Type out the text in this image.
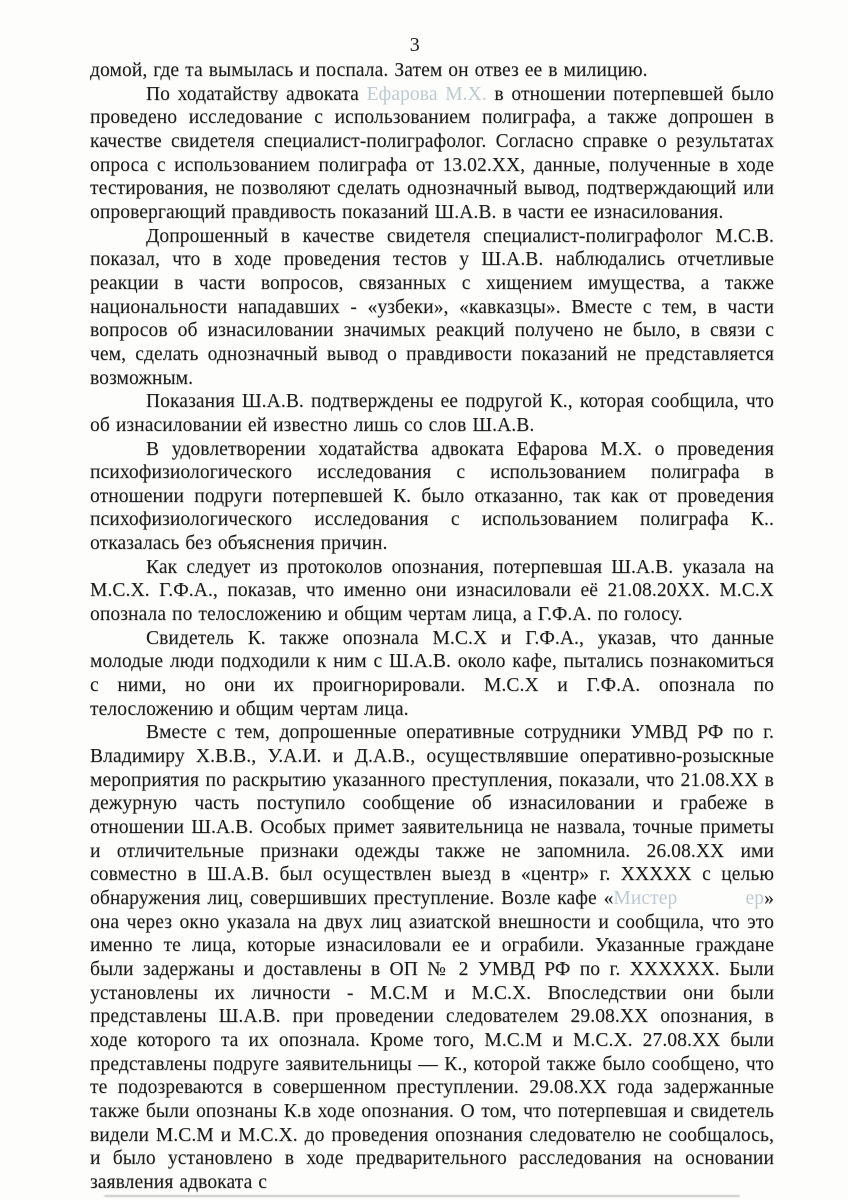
3

домой, где та вымылась и поспала. Затем он отвез ее в милицию.

По ходатайству адвоката Ефарова М.Х. в отношении потерпевшей было проведено исследование с использованием полиграфа, а также допрошен в качестве свидетеля специалист-полиграфолог. Согласно справке о результатах опроса с использованием полиграфа от 13.02.ХХ, данные, полученные в ходе тестирования, не позволяют сделать однозначный вывод, подтверждающий или опровергающий правдивость показаний Ш.А.В. в части ее изнасилования.

Допрошенный в качестве свидетеля специалист-полиграфолог М.С.В. показал, что в ходе проведения тестов у Ш.А.В. наблюдались отчетливые реакции в части вопросов, связанных с хищением имущества, а также национальности нападавших - «узбеки», «кавказцы». Вместе с тем, в части вопросов об изнасиловании значимых реакций получено не было, в связи с чем, сделать однозначный вывод о правдивости показаний не представляется возможным.

Показания Ш.А.В. подтверждены ее подругой К., которая сообщила, что об изнасиловании ей известно лишь со слов Ш.А.В.

В удовлетворении ходатайства адвоката Ефарова М.Х. о проведения психофизиологического исследования с использованием полиграфа в отношении подруги потерпевшей К. было отказанно, так как от проведения психофизиологического исследования с использованием полиграфа К.. отказалась без объяснения причин.

Как следует из протоколов опознания, потерпевшая Ш.А.В. указала на М.С.Х. Г.Ф.А., показав, что именно они изнасиловали её 21.08.20ХХ. М.С.Х опознала по телосложению и общим чертам лица, а Г.Ф.А. по голосу.

Свидетель К. также опознала М.С.Х и Г.Ф.А., указав, что данные молодые люди подходили к ним с Ш.А.В. около кафе, пытались познакомиться с ними, но они их проигнорировали. М.С.Х и Г.Ф.А. опознала по телосложению и общим чертам лица.

Вместе с тем, допрошенные оперативные сотрудники УМВД РФ по г. Владимиру Х.В.В., У.А.И. и Д.А.В., осуществлявшие оперативно-розыскные мероприятия по раскрытию указанного преступления, показали, что 21.08.ХХ в дежурную часть поступило сообщение об изнасиловании и грабеже в отношении Ш.А.В. Особых примет заявительница не назвала, точные приметы и отличительные признаки одежды также не запомнила. 26.08.ХХ ими совместно в Ш.А.В. был осуществлен выезд в «центр» г. ХХХХХ с целью обнаружения лиц, совершивших преступление. Возле кафе «Мистер	ер» она через окно указала на двух лиц азиатской внешности и сообщила, что это именно те лица, которые изнасиловали ее и ограбили. Указанные граждане были задержаны и доставлены в ОП № 2 УМВД РФ по г. ХХХХХХ. Были установлены их личности - М.С.М и М.С.Х. Впоследствии они были представлены Ш.А.В. при проведении следователем 29.08.ХХ опознания, в ходе которого та их опознала. Кроме того, М.С.М и М.С.Х. 27.08.ХХ были представлены подруге заявительницы — К., которой также было сообщено, что те подозреваются в совершенном преступлении. 29.08.ХХ года задержанные также были опознаны К.в ходе опознания. О том, что потерпевшая и свидетель видели М.С.М и М.С.Х. до проведения опознания следователю не сообщалось, и было установлено в ходе предварительного расследования на основании заявления адвоката с
